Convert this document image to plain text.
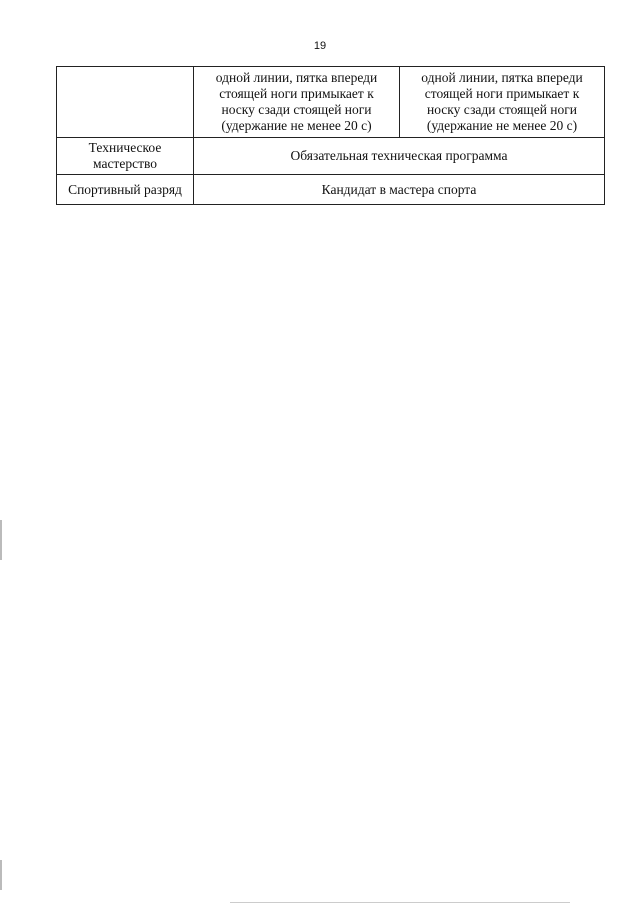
19

	одной линии, пятка впереди
стоящей ноги примыкает к
носку сзади стоящей ноги
(удержание не менее 20 с)	одной линии, пятка впереди
стоящей ноги примыкает к
носку сзади стоящей ноги
(удержание не менее 20 с)

Техническое
мастерство	Обязательная техническая программа	
Спортивный разряд	Кандидат в мастера спорта	
